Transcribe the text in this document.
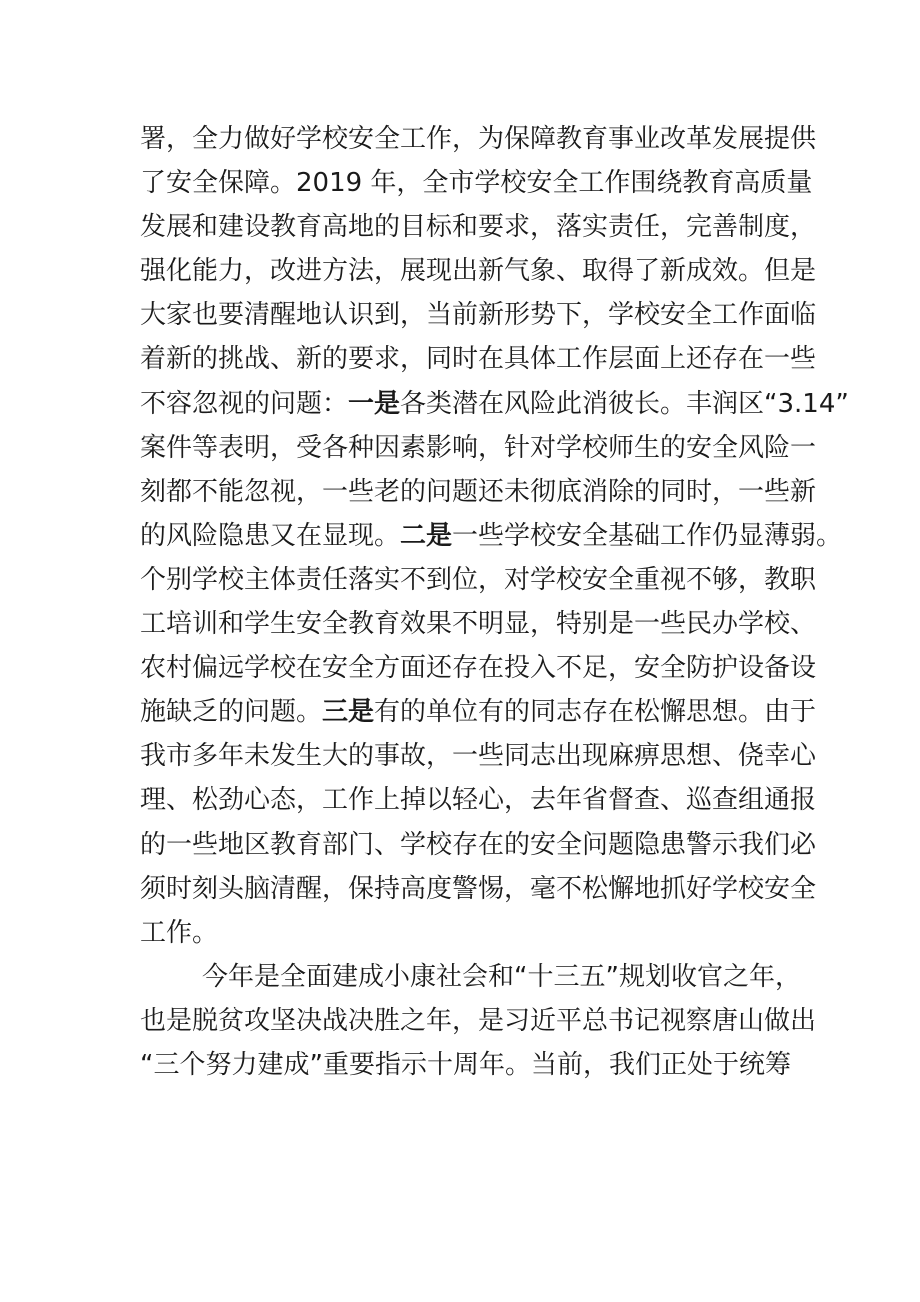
署，全力做好学校安全工作，为保障教育事业改革发展提供
了安全保障。2019 年，全市学校安全工作围绕教育高质量
发展和建设教育高地的目标和要求，落实责任，完善制度，
强化能力，改进方法，展现出新气象、取得了新成效。但是
大家也要清醒地认识到，当前新形势下，学校安全工作面临
着新的挑战、新的要求，同时在具体工作层面上还存在一些
不容忽视的问题：一是各类潜在风险此消彼长。丰润区“3.14”
案件等表明，受各种因素影响，针对学校师生的安全风险一
刻都不能忽视，一些老的问题还未彻底消除的同时，一些新
的风险隐患又在显现。二是一些学校安全基础工作仍显薄弱。
个别学校主体责任落实不到位，对学校安全重视不够，教职
工培训和学生安全教育效果不明显，特别是一些民办学校、
农村偏远学校在安全方面还存在投入不足，安全防护设备设
施缺乏的问题。三是有的单位有的同志存在松懈思想。由于
我市多年未发生大的事故，一些同志出现麻痹思想、侥幸心
理、松劲心态，工作上掉以轻心，去年省督查、巡查组通报
的一些地区教育部门、学校存在的安全问题隐患警示我们必
须时刻头脑清醒，保持高度警惕，毫不松懈地抓好学校安全
工作。
今年是全面建成小康社会和“十三五”规划收官之年，
也是脱贫攻坚决战决胜之年，是习近平总书记视察唐山做出
“三个努力建成”重要指示十周年。当前，我们正处于统筹
